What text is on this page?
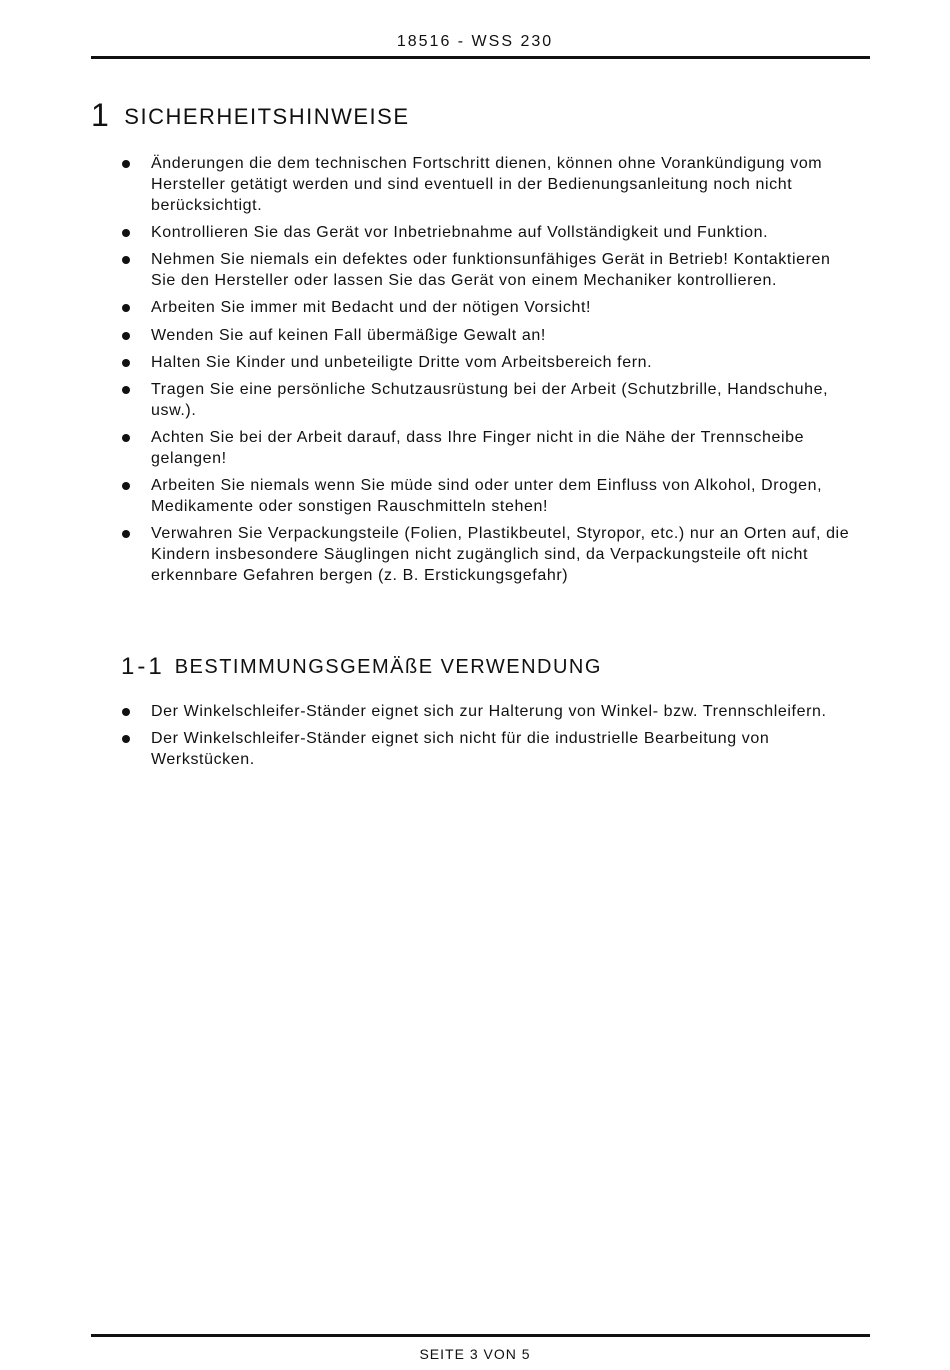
18516 - WSS 230
1 SICHERHEITSHINWEISE
Änderungen die dem technischen Fortschritt dienen, können ohne Vorankündigung vom Hersteller getätigt werden und sind eventuell in der Bedienungsanleitung noch nicht berücksichtigt.
Kontrollieren Sie das Gerät vor Inbetriebnahme auf Vollständigkeit und Funktion.
Nehmen Sie niemals ein defektes oder funktionsunfähiges Gerät in Betrieb! Kontaktieren Sie den Hersteller oder lassen Sie das Gerät von einem Mechaniker kontrollieren.
Arbeiten Sie immer mit Bedacht und der nötigen Vorsicht!
Wenden Sie auf keinen Fall übermäßige Gewalt an!
Halten Sie Kinder und unbeteiligte Dritte vom Arbeitsbereich fern.
Tragen Sie eine persönliche Schutzausrüstung bei der Arbeit (Schutzbrille, Handschuhe, usw.).
Achten Sie bei der Arbeit darauf, dass Ihre Finger nicht in die Nähe der Trennscheibe gelangen!
Arbeiten Sie niemals wenn Sie müde sind oder unter dem Einfluss von Alkohol, Drogen, Medikamente oder sonstigen Rauschmitteln stehen!
Verwahren Sie Verpackungsteile (Folien, Plastikbeutel, Styropor, etc.) nur an Orten auf, die Kindern insbesondere Säuglingen nicht zugänglich sind, da Verpackungsteile oft nicht erkennbare Gefahren bergen (z. B. Erstickungsgefahr)
1-1 BESTIMMUNGSGEMÄßE VERWENDUNG
Der Winkelschleifer-Ständer eignet sich zur Halterung von Winkel- bzw. Trennschleifern.
Der Winkelschleifer-Ständer eignet sich nicht für die industrielle Bearbeitung von Werkstücken.
SEITE 3 VON 5
